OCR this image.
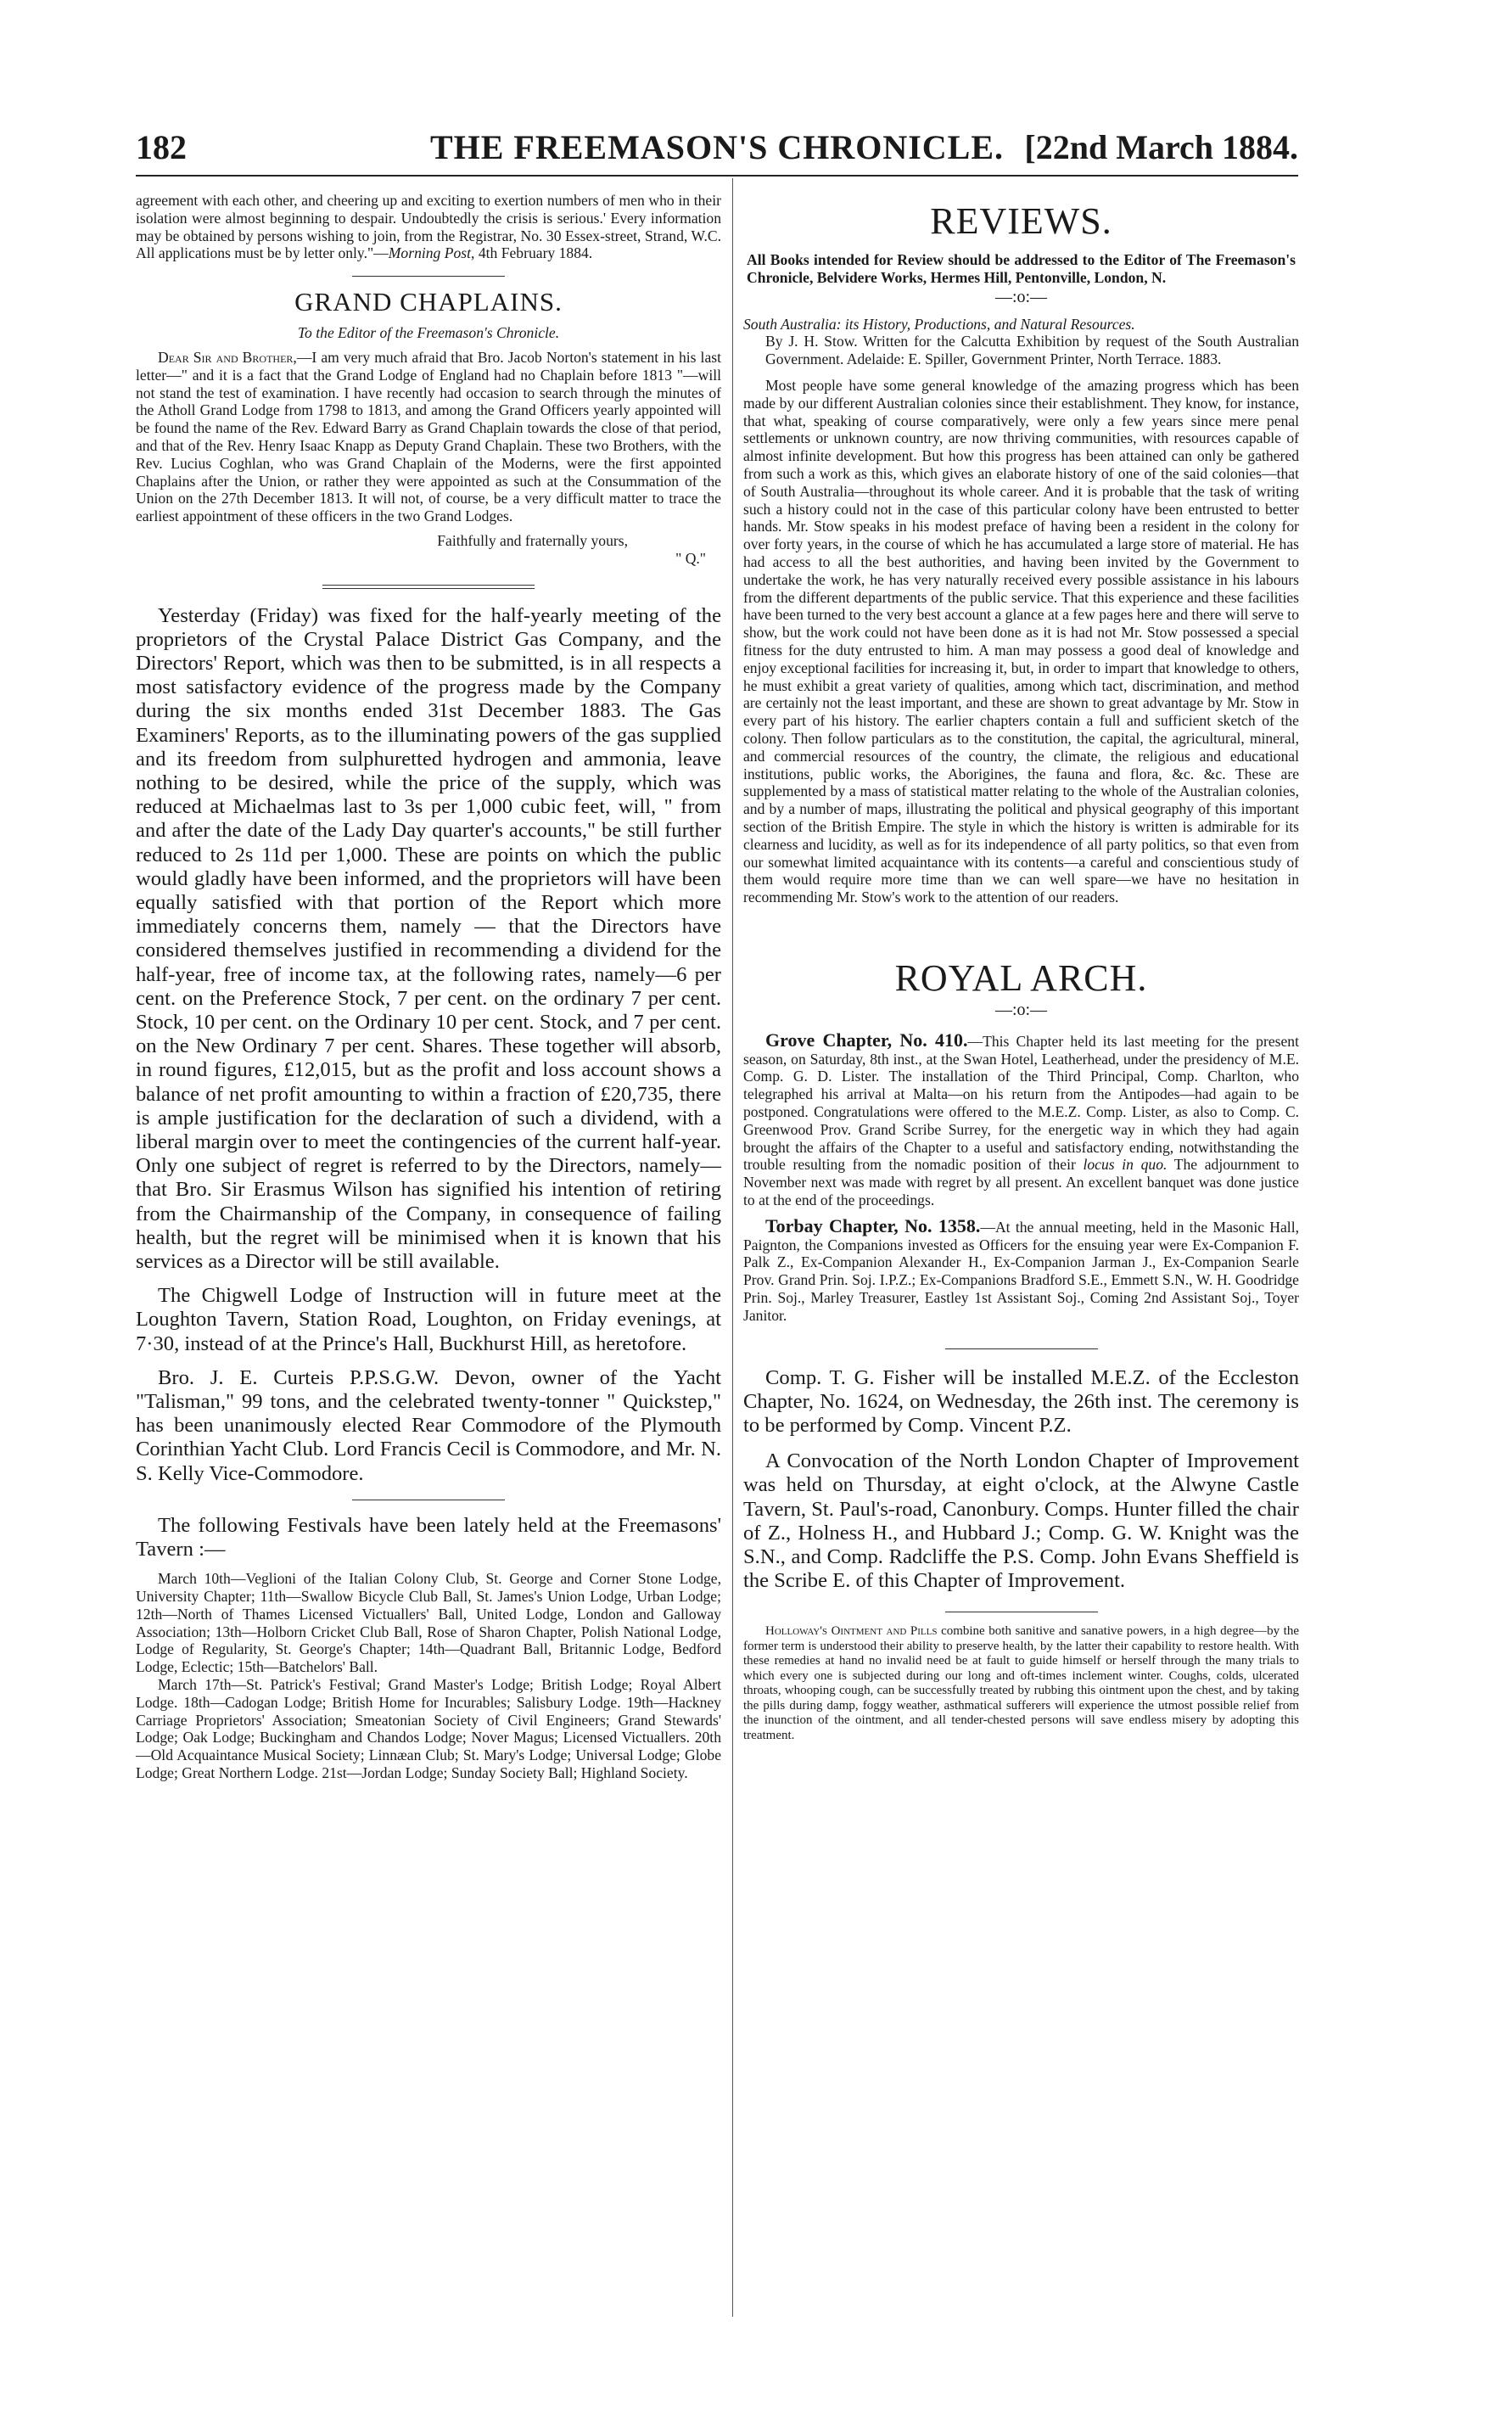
182	THE FREEMASON'S CHRONICLE. [22nd March 1884.

agreement with each other, and cheering up and exciting to exertion numbers of men who in their isolation were almost beginning to despair. Undoubtedly the crisis is serious.' Every information may be obtained by persons wishing to join, from the Registrar, No. 30 Essex-street, Strand, W.C. All applications must be by letter only."—Morning Post, 4th February 1884.

GRAND CHAPLAINS.

To the Editor of the Freemason's Chronicle.

Dear Sir and Brother,—I am very much afraid that Bro. Jacob Norton's statement in his last letter—" and it is a fact that the Grand Lodge of England had no Chaplain before 1813 "—will not stand the test of examination. I have recently had occasion to search through the minutes of the Atholl Grand Lodge from 1798 to 1813, and among the Grand Officers yearly appointed will be found the name of the Rev. Edward Barry as Grand Chaplain towards the close of that period, and that of the Rev. Henry Isaac Knapp as Deputy Grand Chaplain. These two Brothers, with the Rev. Lucius Coghlan, who was Grand Chaplain of the Moderns, were the first appointed Chaplains after the Union, or rather they were appointed as such at the Consummation of the Union on the 27th December 1813. It will not, of course, be a very difficult matter to trace the earliest appointment of these officers in the two Grand Lodges.

Faithfully and fraternally yours,

" Q."

Yesterday (Friday) was fixed for the half-yearly meeting of the proprietors of the Crystal Palace District Gas Company, and the Directors' Report, which was then to be submitted, is in all respects a most satisfactory evidence of the progress made by the Company during the six months ended 31st December 1883. The Gas Examiners' Reports, as to the illuminating powers of the gas supplied and its freedom from sulphuretted hydrogen and ammonia, leave nothing to be desired, while the price of the supply, which was reduced at Michaelmas last to 3s per 1,000 cubic feet, will, " from and after the date of the Lady Day quarter's accounts," be still further reduced to 2s 11d per 1,000. These are points on which the public would gladly have been informed, and the proprietors will have been equally satisfied with that portion of the Report which more immediately concerns them, namely — that the Directors have considered themselves justified in recommending a dividend for the half-year, free of income tax, at the following rates, namely—6 per cent. on the Preference Stock, 7 per cent. on the ordinary 7 per cent. Stock, 10 per cent. on the Ordinary 10 per cent. Stock, and 7 per cent. on the New Ordinary 7 per cent. Shares. These together will absorb, in round figures, £12,015, but as the profit and loss account shows a balance of net profit amounting to within a fraction of £20,735, there is ample justification for the declaration of such a dividend, with a liberal margin over to meet the contingencies of the current half-year. Only one subject of regret is referred to by the Directors, namely—that Bro. Sir Erasmus Wilson has signified his intention of retiring from the Chairmanship of the Company, in consequence of failing health, but the regret will be minimised when it is known that his services as a Director will be still available.

The Chigwell Lodge of Instruction will in future meet at the Loughton Tavern, Station Road, Loughton, on Friday evenings, at 7·30, instead of at the Prince's Hall, Buckhurst Hill, as heretofore.

Bro. J. E. Curteis P.P.S.G.W. Devon, owner of the Yacht "Talisman," 99 tons, and the celebrated twenty-tonner " Quickstep," has been unanimously elected Rear Commodore of the Plymouth Corinthian Yacht Club. Lord Francis Cecil is Commodore, and Mr. N. S. Kelly Vice-Commodore.

The following Festivals have been lately held at the Freemasons' Tavern :—

March 10th—Veglioni of the Italian Colony Club, St. George and Corner Stone Lodge, University Chapter; 11th—Swallow Bicycle Club Ball, St. James's Union Lodge, Urban Lodge; 12th—North of Thames Licensed Victuallers' Ball, United Lodge, London and Galloway Association; 13th—Holborn Cricket Club Ball, Rose of Sharon Chapter, Polish National Lodge, Lodge of Regularity, St. George's Chapter; 14th—Quadrant Ball, Britannic Lodge, Bedford Lodge, Eclectic; 15th—Batchelors' Ball.

March 17th—St. Patrick's Festival; Grand Master's Lodge; British Lodge; Royal Albert Lodge. 18th—Cadogan Lodge; British Home for Incurables; Salisbury Lodge. 19th—Hackney Carriage Proprietors' Association; Smeatonian Society of Civil Engineers; Grand Stewards' Lodge; Oak Lodge; Buckingham and Chandos Lodge; Nover Magus; Licensed Victuallers. 20th—Old Acquaintance Musical Society; Linnæan Club; St. Mary's Lodge; Universal Lodge; Globe Lodge; Great Northern Lodge. 21st—Jordan Lodge; Sunday Society Ball; Highland Society.

REVIEWS.

All Books intended for Review should be addressed to the Editor of The Freemason's Chronicle, Belvidere Works, Hermes Hill, Pentonville, London, N.

—:o:—

South Australia: its History, Productions, and Natural Resources.

By J. H. Stow. Written for the Calcutta Exhibition by request of the South Australian Government. Adelaide: E. Spiller, Government Printer, North Terrace. 1883.

Most people have some general knowledge of the amazing progress which has been made by our different Australian colonies since their establishment. They know, for instance, that what, speaking of course comparatively, were only a few years since mere penal settlements or unknown country, are now thriving communities, with resources capable of almost infinite development. But how this progress has been attained can only be gathered from such a work as this, which gives an elaborate history of one of the said colonies—that of South Australia—throughout its whole career. And it is probable that the task of writing such a history could not in the case of this particular colony have been entrusted to better hands. Mr. Stow speaks in his modest preface of having been a resident in the colony for over forty years, in the course of which he has accumulated a large store of material. He has had access to all the best authorities, and having been invited by the Government to undertake the work, he has very naturally received every possible assistance in his labours from the different departments of the public service. That this experience and these facilities have been turned to the very best account a glance at a few pages here and there will serve to show, but the work could not have been done as it is had not Mr. Stow possessed a special fitness for the duty entrusted to him. A man may possess a good deal of knowledge and enjoy exceptional facilities for increasing it, but, in order to impart that knowledge to others, he must exhibit a great variety of qualities, among which tact, discrimination, and method are certainly not the least important, and these are shown to great advantage by Mr. Stow in every part of his history. The earlier chapters contain a full and sufficient sketch of the colony. Then follow particulars as to the constitution, the capital, the agricultural, mineral, and commercial resources of the country, the climate, the religious and educational institutions, public works, the Aborigines, the fauna and flora, &c. &c. These are supplemented by a mass of statistical matter relating to the whole of the Australian colonies, and by a number of maps, illustrating the political and physical geography of this important section of the British Empire. The style in which the history is written is admirable for its clearness and lucidity, as well as for its independence of all party politics, so that even from our somewhat limited acquaintance with its contents—a careful and conscientious study of them would require more time than we can well spare—we have no hesitation in recommending Mr. Stow's work to the attention of our readers.

ROYAL ARCH.

—:o:—

Grove Chapter, No. 410.—This Chapter held its last meeting for the present season, on Saturday, 8th inst., at the Swan Hotel, Leatherhead, under the presidency of M.E. Comp. G. D. Lister. The installation of the Third Principal, Comp. Charlton, who telegraphed his arrival at Malta—on his return from the Antipodes—had again to be postponed. Congratulations were offered to the M.E.Z. Comp. Lister, as also to Comp. C. Greenwood Prov. Grand Scribe Surrey, for the energetic way in which they had again brought the affairs of the Chapter to a useful and satisfactory ending, notwithstanding the trouble resulting from the nomadic position of their locus in quo. The adjournment to November next was made with regret by all present. An excellent banquet was done justice to at the end of the proceedings.

Torbay Chapter, No. 1358.—At the annual meeting, held in the Masonic Hall, Paignton, the Companions invested as Officers for the ensuing year were Ex-Companion F. Palk Z., Ex-Companion Alexander H., Ex-Companion Jarman J., Ex-Companion Searle Prov. Grand Prin. Soj. I.P.Z.; Ex-Companions Bradford S.E., Emmett S.N., W. H. Goodridge Prin. Soj., Marley Treasurer, Eastley 1st Assistant Soj., Coming 2nd Assistant Soj., Toyer Janitor.

Comp. T. G. Fisher will be installed M.E.Z. of the Eccleston Chapter, No. 1624, on Wednesday, the 26th inst. The ceremony is to be performed by Comp. Vincent P.Z.

A Convocation of the North London Chapter of Improvement was held on Thursday, at eight o'clock, at the Alwyne Castle Tavern, St. Paul's-road, Canonbury. Comps. Hunter filled the chair of Z., Holness H., and Hubbard J.; Comp. G. W. Knight was the S.N., and Comp. Radcliffe the P.S. Comp. John Evans Sheffield is the Scribe E. of this Chapter of Improvement.

Holloway's Ointment and Pills combine both sanitive and sanative powers, in a high degree—by the former term is understood their ability to preserve health, by the latter their capability to restore health. With these remedies at hand no invalid need be at fault to guide himself or herself through the many trials to which every one is subjected during our long and oft-times inclement winter. Coughs, colds, ulcerated throats, whooping cough, can be successfully treated by rubbing this ointment upon the chest, and by taking the pills during damp, foggy weather, asthmatical sufferers will experience the utmost possible relief from the inunction of the ointment, and all tender-chested persons will save endless misery by adopting this treatment.
